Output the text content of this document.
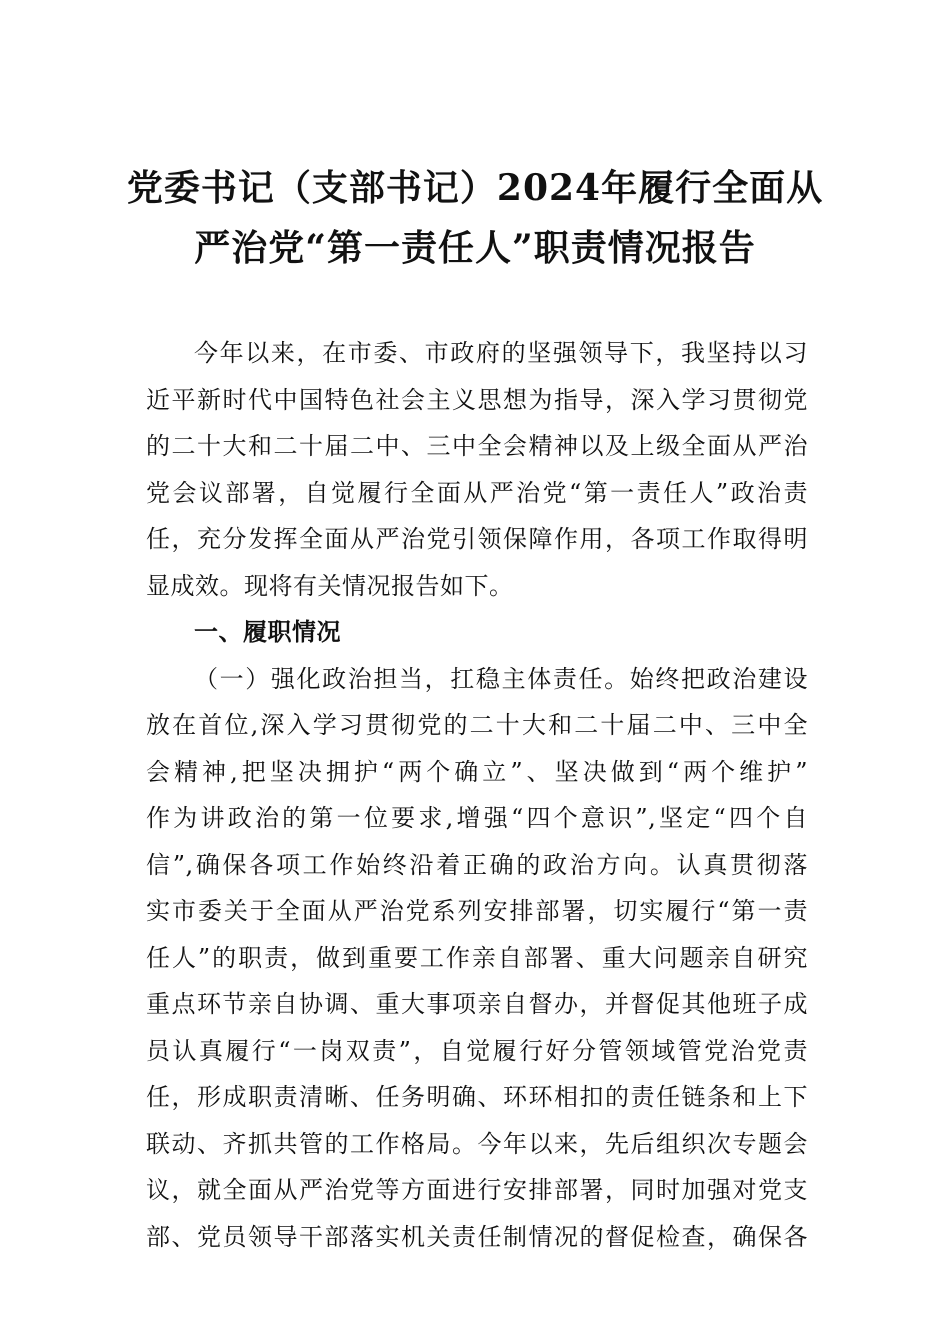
党委书记（支部书记）2024年履行全面从
严治党“第一责任人”职责情况报告
今年以来，在市委、市政府的坚强领导下，我坚持以习
近平新时代中国特色社会主义思想为指导，深入学习贯彻党
的二十大和二十届二中、三中全会精神以及上级全面从严治
党会议部署，自觉履行全面从严治党“第一责任人”政治责
任，充分发挥全面从严治党引领保障作用，各项工作取得明
显成效。现将有关情况报告如下。
一、履职情况
（一）强化政治担当，扛稳主体责任。始终把政治建设
放在首位,深入学习贯彻党的二十大和二十届二中、三中全
会精神,把坚决拥护“两个确立”、坚决做到“两个维护”
作为讲政治的第一位要求,增强“四个意识”,坚定“四个自
信”,确保各项工作始终沿着正确的政治方向。认真贯彻落
实市委关于全面从严治党系列安排部署，切实履行“第一责
任人”的职责，做到重要工作亲自部署、重大问题亲自研究
重点环节亲自协调、重大事项亲自督办，并督促其他班子成
员认真履行“一岗双责”，自觉履行好分管领域管党治党责
任，形成职责清晰、任务明确、环环相扣的责任链条和上下
联动、齐抓共管的工作格局。今年以来，先后组织次专题会
议，就全面从严治党等方面进行安排部署，同时加强对党支
部、党员领导干部落实机关责任制情况的督促检查，确保各
